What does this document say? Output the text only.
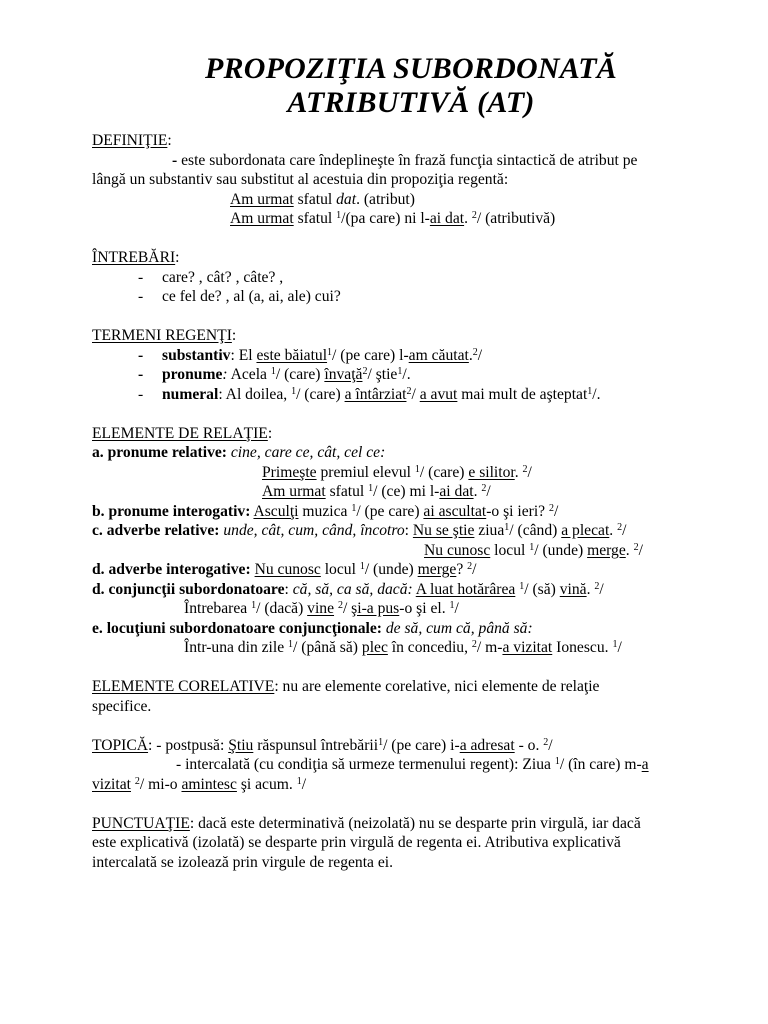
PROPOZIŢIA SUBORDONATĂ
ATRIBUTIVĂ (AT)
DEFINIŢIE:
- este subordonata care îndeplineşte în frază funcţia sintactică de atribut pe
lângă un substantiv sau substitut al acestuia din propoziţia regentă:
Am urmat sfatul dat. (atribut)
Am urmat sfatul $^1$/(pa care) ni l-ai dat. $^2$/ (atributivă)
ÎNTREBĂRI:
- care? , cât? , câte? ,
- ce fel de? , al (a, ai, ale) cui?
TERMENI REGENŢI:
- substantiv: El este băiatul$^1$/ (pe care) l-am căutat.$^2$/
- pronume: Acela $^1$/ (care) învaţă$^2$/ ştie$^1$/.
- numeral: Al doilea, $^1$/ (care) a întârziat$^2$/ a avut mai mult de aşteptat$^1$/.
ELEMENTE DE RELAŢIE:
a. pronume relative: cine, care ce, cât, cel ce:
Primeşte premiul elevul $^1$/ (care) e silitor. $^2$/
Am urmat sfatul $^1$/ (ce) mi l-ai dat. $^2$/
b. pronume interogativ: Asculţi muzica $^1$/ (pe care) ai ascultat-o şi ieri? $^2$/
c. adverbe relative: unde, cât, cum, când, încotro: Nu se ştie ziua$^1$/ (când) a plecat. $^2$/
Nu cunosc locul $^1$/ (unde) merge. $^2$/
d. adverbe interogative: Nu cunosc locul $^1$/ (unde) merge? $^2$/
d. conjuncţii subordonatoare: că, să, ca să, dacă: A luat hotărârea $^1$/ (să) vină. $^2$/
Întrebarea $^1$/ (dacă) vine $^2$/ şi-a pus-o şi el. $^1$/
e. locuţiuni subordonatoare conjuncţionale: de să, cum că, până să:
Într-una din zile $^1$/ (până să) plec în concediu, $^2$/ m-a vizitat Ionescu. $^1$/
ELEMENTE CORELATIVE: nu are elemente corelative, nici elemente de relaţie
specifice.
TOPICĂ: - postpusă: Ştiu răspunsul întrebării$^1$/ (pe care) i-a adresat - o. $^2$/
- intercalată (cu condiţia să urmeze termenului regent): Ziua $^1$/ (în care) m-a
vizitat $^2$/ mi-o amintesc şi acum. $^1$/
PUNCTUAŢIE: dacă este determinativă (neizolată) nu se desparte prin virgulă, iar dacă
este explicativă (izolată) se desparte prin virgulă de regenta ei. Atributiva explicativă
intercalată se izolează prin virgule de regenta ei.
